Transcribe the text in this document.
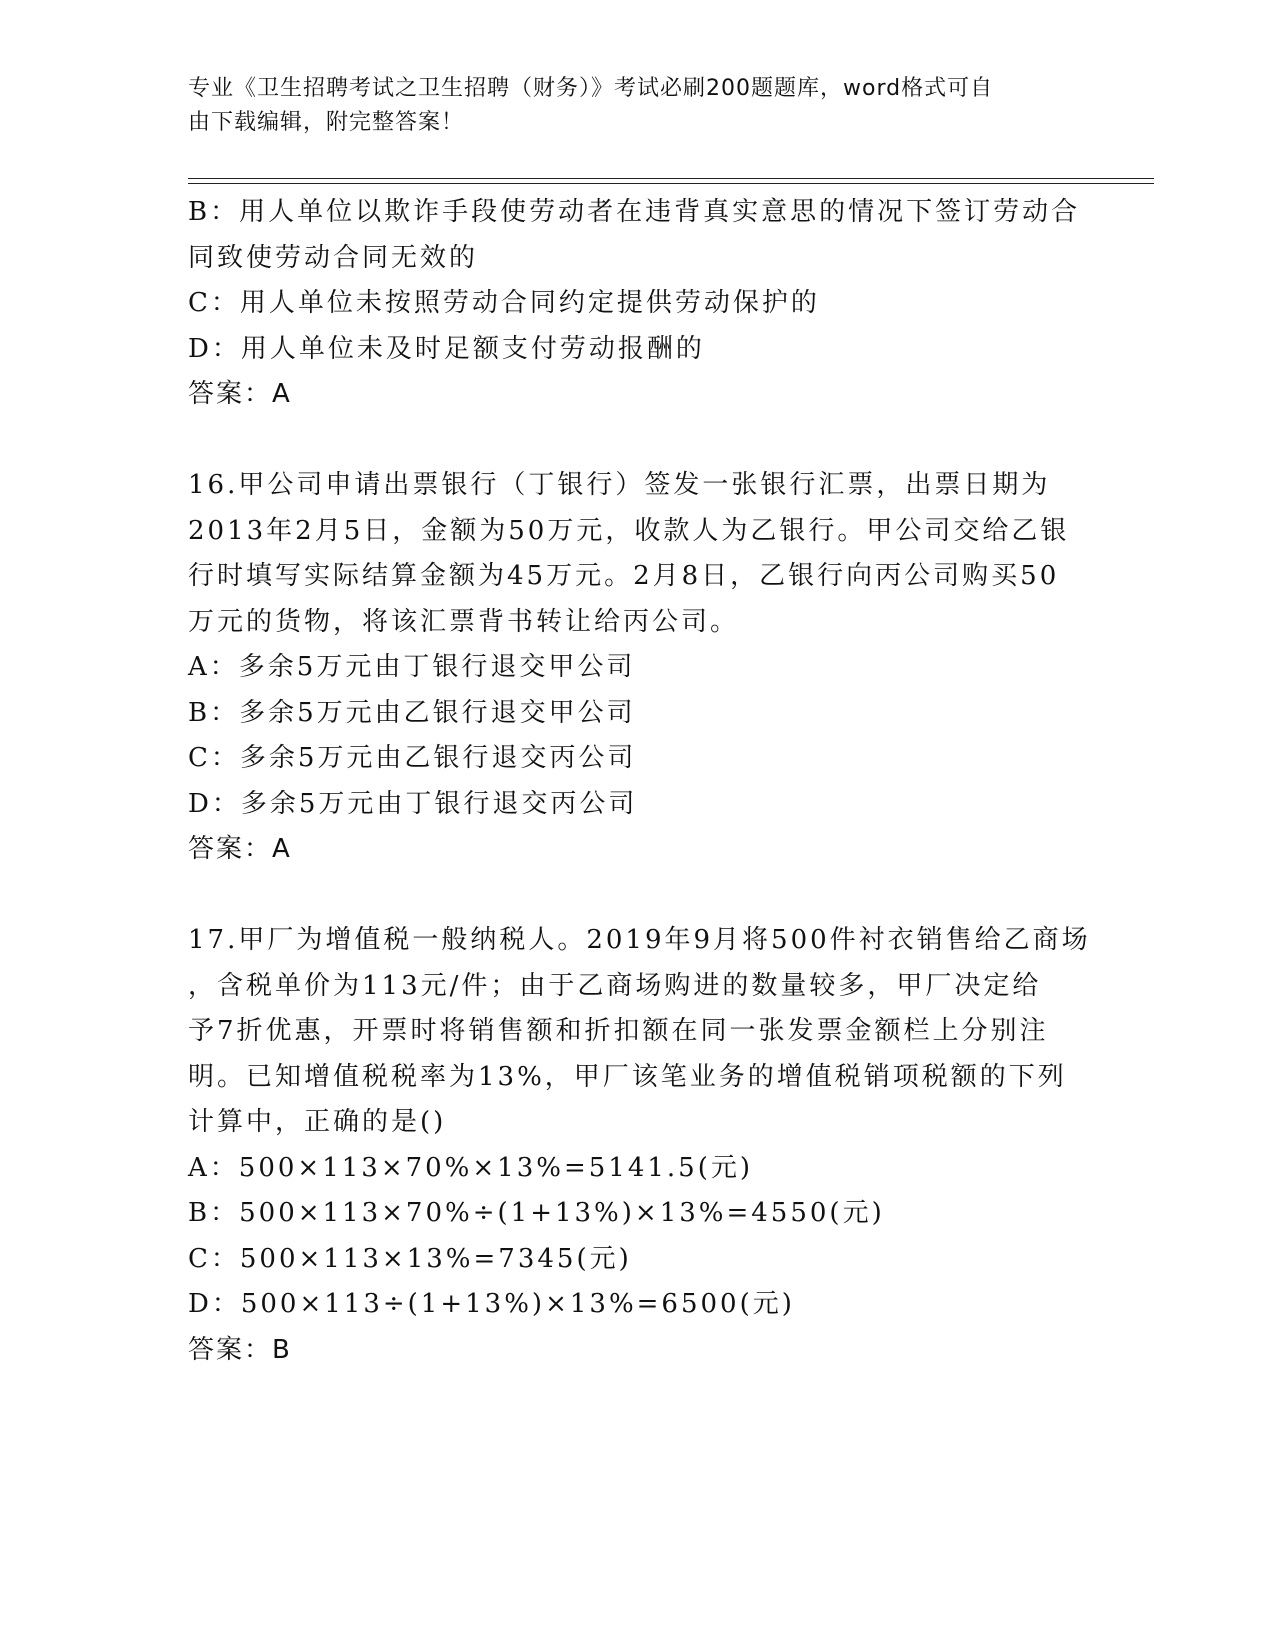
专业《卫生招聘考试之卫生招聘（财务）》考试必刷200题题库，word格式可自
由下载编辑，附完整答案！
B：用人单位以欺诈手段使劳动者在违背真实意思的情况下签订劳动合
同致使劳动合同无效的
C：用人单位未按照劳动合同约定提供劳动保护的
D：用人单位未及时足额支付劳动报酬的
答案：A
16.甲公司申请出票银行（丁银行）签发一张银行汇票，出票日期为
2013年2月5日，金额为50万元，收款人为乙银行。甲公司交给乙银
行时填写实际结算金额为45万元。2月8日，乙银行向丙公司购买50
万元的货物，将该汇票背书转让给丙公司。
A：多余5万元由丁银行退交甲公司
B：多余5万元由乙银行退交甲公司
C：多余5万元由乙银行退交丙公司
D：多余5万元由丁银行退交丙公司
答案：A
17.甲厂为增值税一般纳税人。2019年9月将500件衬衣销售给乙商场
，含税单价为113元/件；由于乙商场购进的数量较多，甲厂决定给
予7折优惠，开票时将销售额和折扣额在同一张发票金额栏上分别注
明。已知增值税税率为13%，甲厂该笔业务的增值税销项税额的下列
计算中，正确的是()
A：500×113×70%×13%=5141.5(元)
B：500×113×70%÷(1+13%)×13%=4550(元)
C：500×113×13%=7345(元)
D：500×113÷(1+13%)×13%=6500(元)
答案：B
